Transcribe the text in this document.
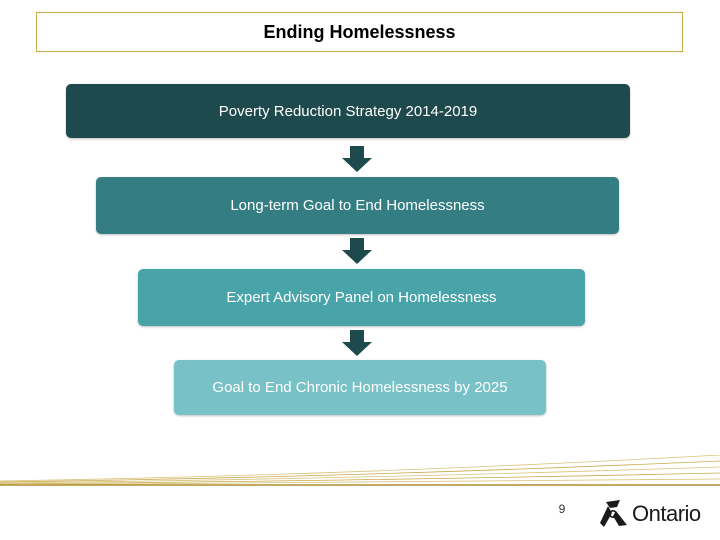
Ending Homelessness
Poverty Reduction Strategy 2014-2019
Long-term Goal to End Homelessness
Expert Advisory Panel on Homelessness
Goal to End Chronic Homelessness by 2025
9	Ontario
